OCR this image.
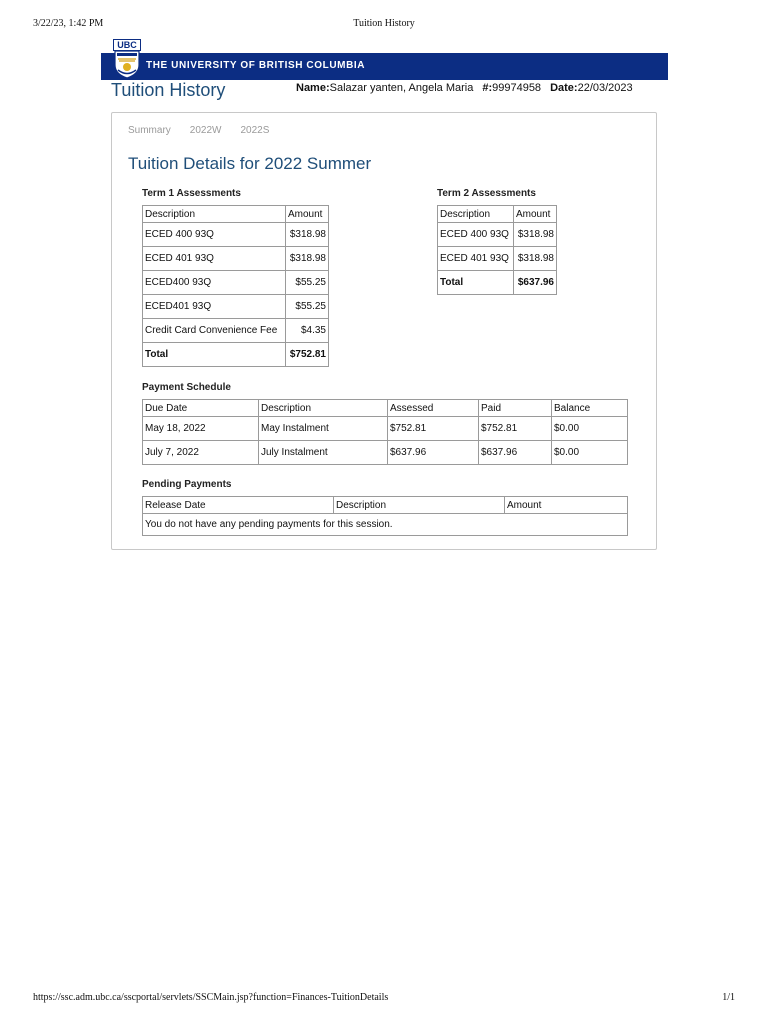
3/22/23, 1:42 PM	Tuition History
THE UNIVERSITY OF BRITISH COLUMBIA
UBC
Tuition History	Name:Salazar yanten, Angela Maria #:99974958 Date:22/03/2023
Summary 2022W 2022S
Tuition Details for 2022 Summer
Term 1 Assessments
Description	Amount
ECED 400 93Q	$318.98
ECED 401 93Q	$318.98
ECED400 93Q	$55.25
ECED401 93Q	$55.25
Credit Card Convenience Fee	$4.35
Total	$752.81
Term 2 Assessments
Description	Amount
ECED 400 93Q	$318.98
ECED 401 93Q	$318.98
Total	$637.96
Payment Schedule
Due Date	Description	Assessed	Paid	Balance
May 18, 2022	May Instalment	$752.81	$752.81	$0.00
July 7, 2022	July Instalment	$637.96	$637.96	$0.00
Pending Payments
Release Date	Description	Amount
You do not have any pending payments for this session.
https://ssc.adm.ubc.ca/sscportal/servlets/SSCMain.jsp?function=Finances-TuitionDetails	1/1
